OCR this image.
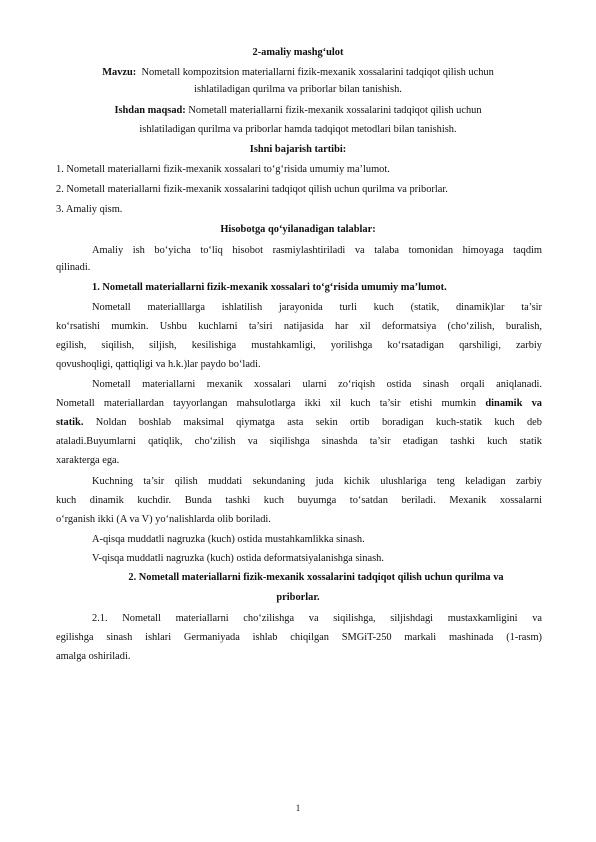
2-amaliy mashg‘ulot
Mavzu: Nometall kompozitsion materiallarni fizik-mexanik xossalarini tadqiqot qilish uchun
ishlatiladigan qurilma va priborlar bilan tanishish.
Ishdan maqsad: Nometall materiallarni fizik-mexanik xossalarini tadqiqot qilish uchun
ishlatiladigan qurilma va priborlar hamda tadqiqot metodlari bilan tanishish.
Ishni bajarish tartibi:
1. Nometall materiallarni fizik-mexanik xossalari to‘g‘risida umumiy ma’lumot.
2. Nometall materiallarni fizik-mexanik xossalarini tadqiqot qilish uchun qurilma va priborlar.
3. Amaliy qism.
Hisobotga qo‘yilanadigan talablar:

Amaliy ish bo‘yicha to‘liq hisobot rasmiylashtiriladi va talaba tomonidan himoyaga taqdim

qilinadi.

1. Nometall materiallarni fizik-mexanik xossalari to‘g‘risida umumiy ma’lumot.

Nometall materialllarga ishlatilish jarayonida turli kuch (statik, dinamik)lar ta’sir

ko‘rsatishi mumkin. Ushbu kuchlarni ta’siri natijasida har xil deformatsiya (cho‘zilish, buralish,

egilish, siqilish, siljish, kesilishiga mustahkamligi, yorilishga ko‘rsatadigan qarshiligi, zarbiy

qovushoqligi, qattiqligi va h.k.)lar paydo bo‘ladi.

Nometall materiallarni mexanik xossalari ularni zo‘riqish ostida sinash orqali aniqlanadi.

Nometall materiallardan tayyorlangan mahsulotlarga ikki xil kuch ta’sir etishi mumkin dinamik va

statik. Noldan boshlab maksimal qiymatga asta sekin ortib boradigan kuch-statik kuch deb

ataladi.Buyumlarni qatiqlik, cho‘zilish va siqilishga sinashda ta’sir etadigan tashki kuch statik

xarakterga ega.

Kuchning ta’sir qilish muddati sekundaning juda kichik ulushlariga teng keladigan zarbiy

kuch dinamik kuchdir. Bunda tashki kuch buyumga to‘satdan beriladi. Mexanik xossalarni

o‘rganish ikki (A va V) yo‘nalishlarda olib boriladi.

A-qisqa muddatli nagruzka (kuch) ostida mustahkamlikka sinash.
V-qisqa muddatli nagruzka (kuch) ostida deformatsiyalanishga sinash.
2. Nometall materiallarni fizik-mexanik xossalarini tadqiqot qilish uchun qurilma va
priborlar.

2.1. Nometall materiallarni cho‘zilishga va siqilishga, siljishdagi mustaxkamligini va

egilishga sinash ishlari Germaniyada ishlab chiqilgan SMGiT-250 markali mashinada (1-rasm)

amalga oshiriladi.

1
